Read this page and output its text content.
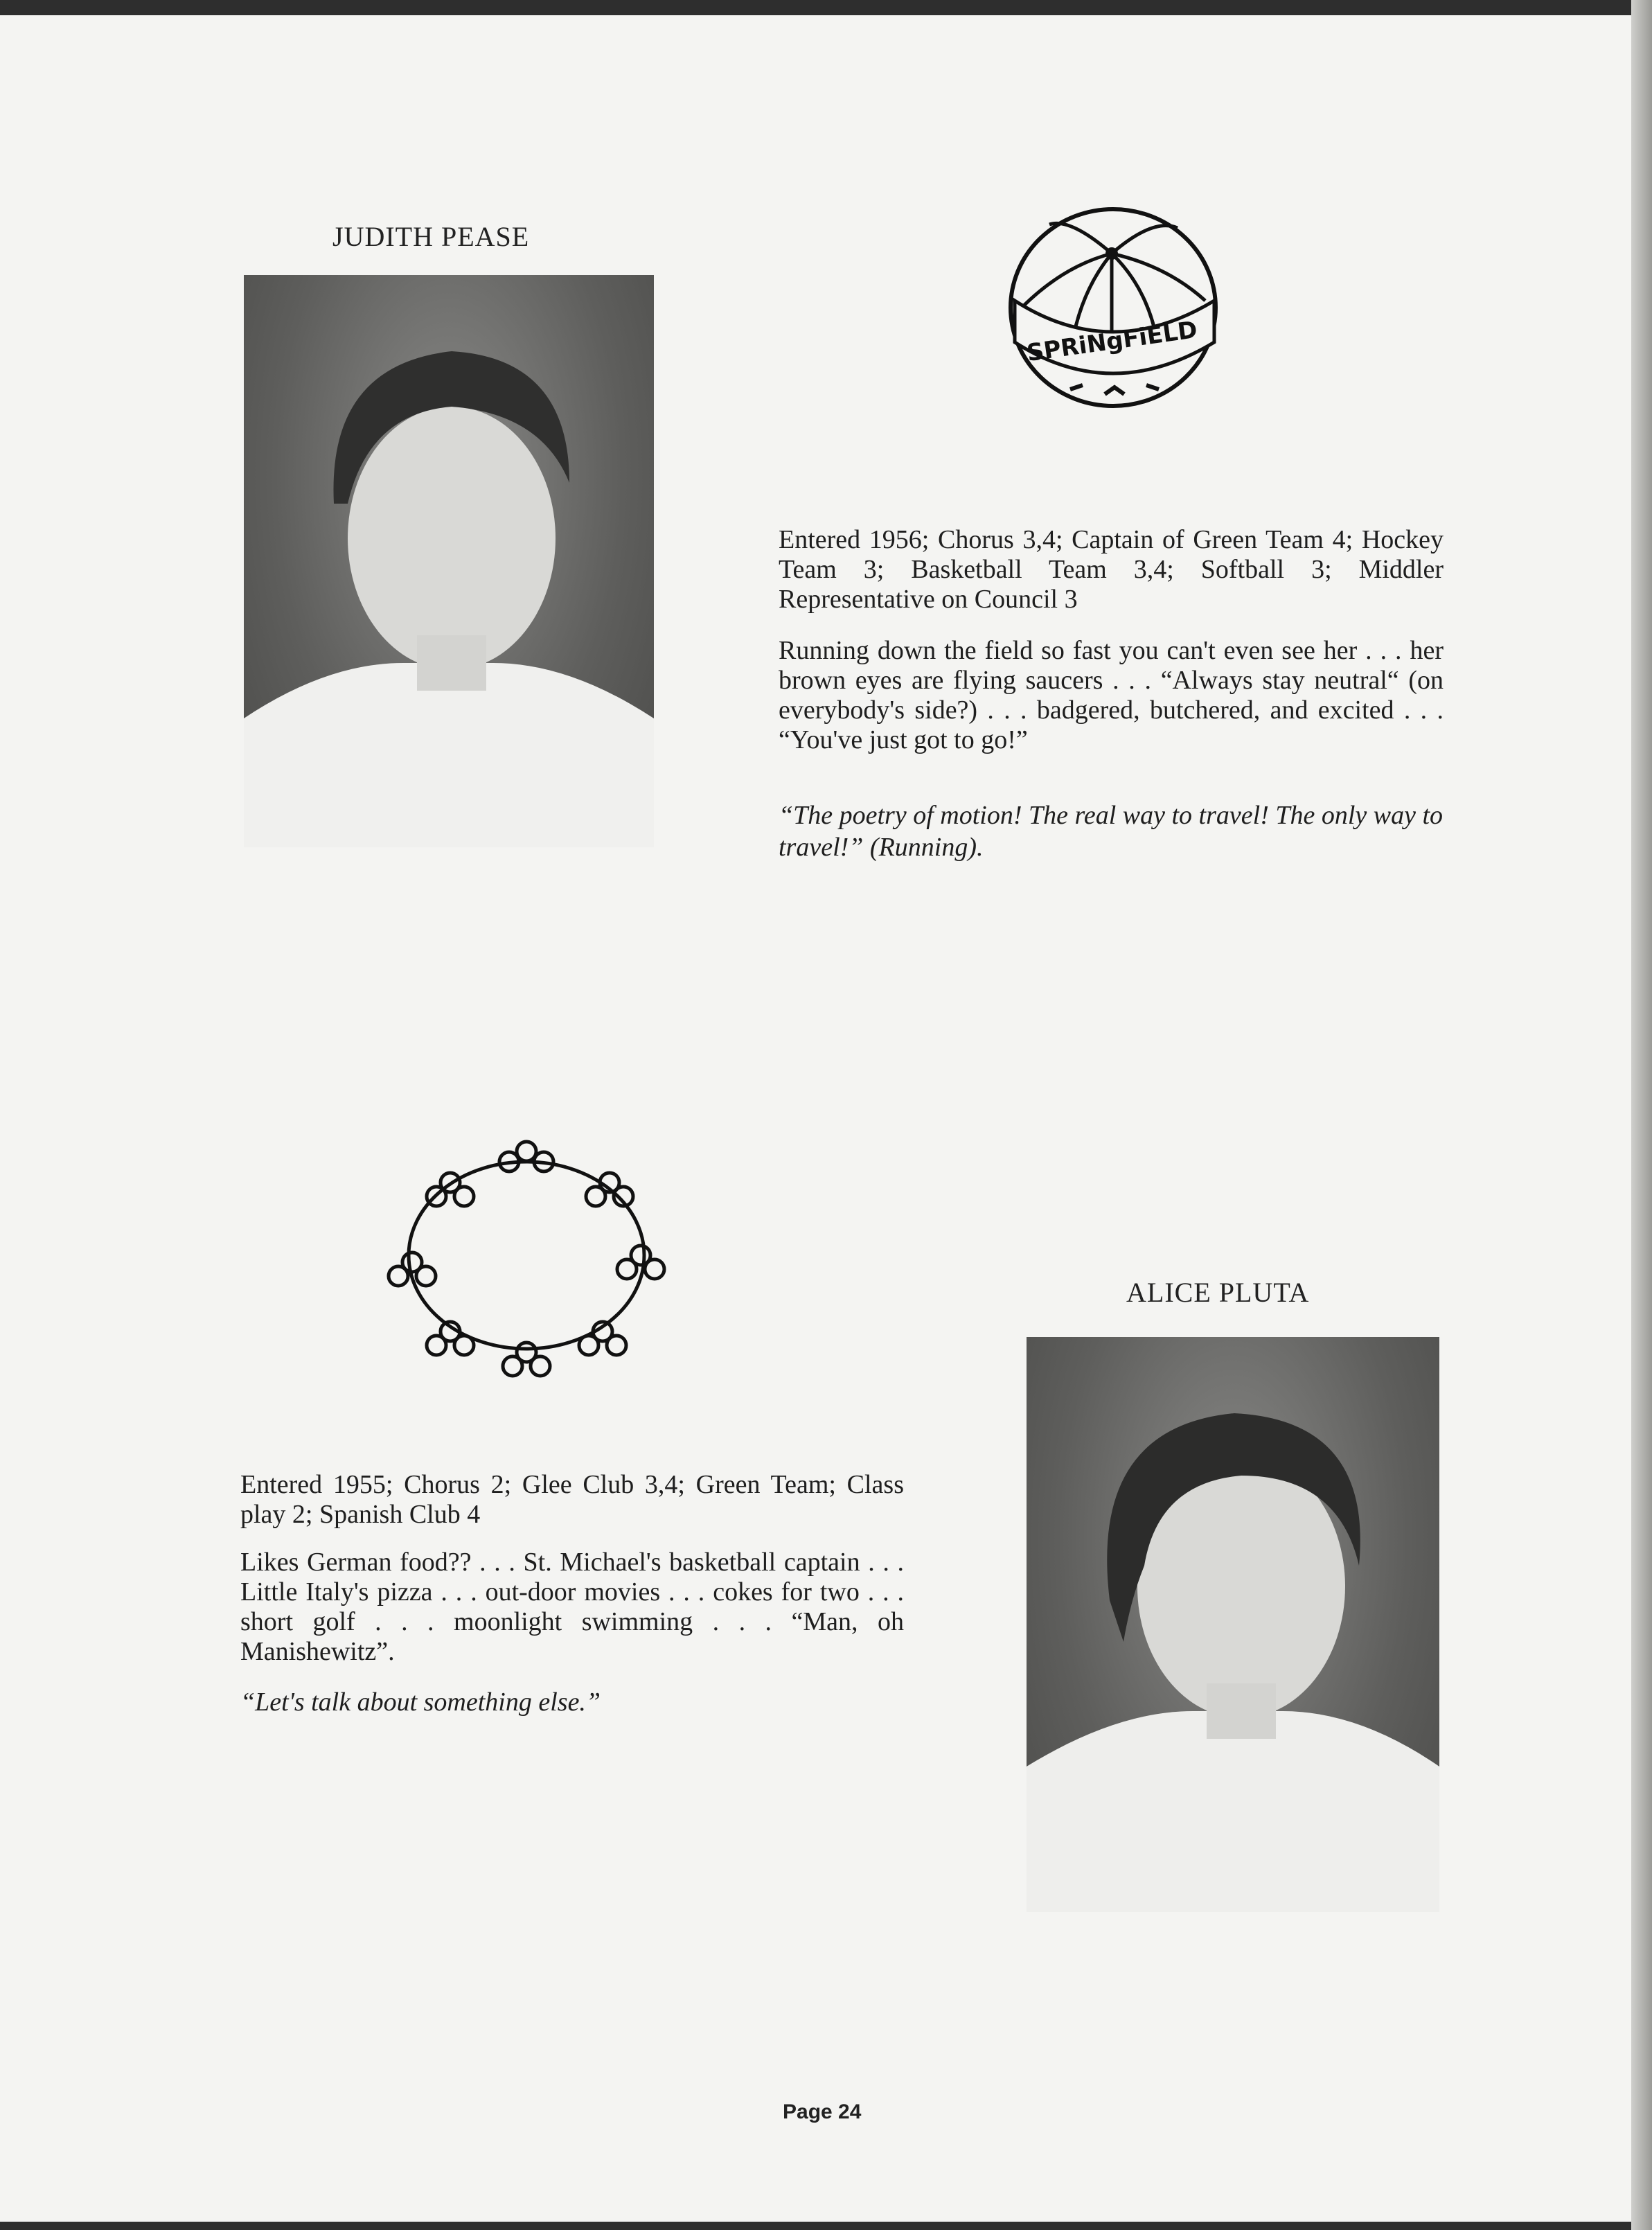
JUDITH PEASE
SPRiNgFiELD

Entered 1956; Chorus 3,4; Captain of Green Team 4; Hockey Team 3; Basketball Team 3,4; Softball 3; Middler Representative on Council 3

Running down the field so fast you can't even see her . . . her brown eyes are flying saucers . . . “Always stay neutral“ (on everybody's side?) . . . badgered, butchered, and excited . . . “You've just got to go!”

“The poetry of motion! The real way to travel! The only way to travel!” (Running).

ALICE PLUTA

Entered 1955; Chorus 2; Glee Club 3,4; Green Team; Class play 2; Spanish Club 4

Likes German food?? . . . St. Michael's basketball captain . . . Little Italy's pizza . . . out-door movies . . . cokes for two . . . short golf . . . moonlight swimming . . . “Man, oh Manishewitz”.

“Let's talk about something else.”

Page 24
